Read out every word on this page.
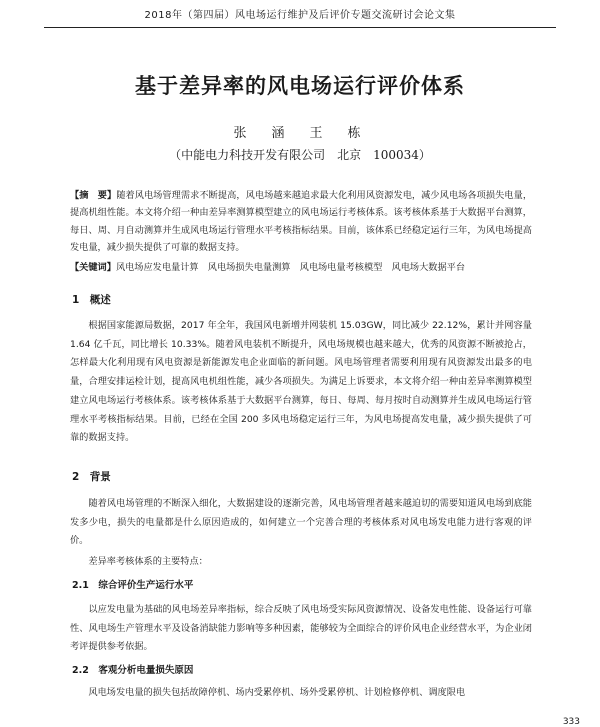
2018年（第四届）风电场运行维护及后评价专题交流研讨会论文集
基于差异率的风电场运行评价体系
张　涵　王　栋
（中能电力科技开发有限公司　北京　100034）
【摘　要】随着风电场管理需求不断提高，风电场越来越追求最大化利用风资源发电，减少风电场各项损失电量，提高机组性能。本文将介绍一种由差异率测算模型建立的风电场运行考核体系。该考核体系基于大数据平台测算，每日、周、月自动测算并生成风电场运行管理水平考核指标结果。目前，该体系已经稳定运行三年，为风电场提高发电量，减少损失提供了可靠的数据支持。
【关键词】风电场应发电量计算　风电场损失电量测算　风电场电量考核模型　风电场大数据平台
1　概述
根据国家能源局数据，2017 年全年，我国风电新增并网装机 15.03GW，同比减少 22.12%，累计并网容量 1.64 亿千瓦，同比增长 10.33%。随着风电装机不断提升，风电场规模也越来越大，优秀的风资源不断被抢占，怎样最大化利用现有风电资源是新能源发电企业面临的新问题。风电场管理者需要利用现有风资源发出最多的电量，合理安排运检计划，提高风电机组性能，减少各项损失。为满足上诉要求，本文将介绍一种由差异率测算模型建立风电场运行考核体系。该考核体系基于大数据平台测算，每日、每周、每月按时自动测算并生成风电场运行管理水平考核指标结果。目前，已经在全国 200 多风电场稳定运行三年，为风电场提高发电量，减少损失提供了可靠的数据支持。
2　背景
随着风电场管理的不断深入细化，大数据建设的逐渐完善，风电场管理者越来越迫切的需要知道风电场到底能发多少电，损失的电量都是什么原因造成的，如何建立一个完善合理的考核体系对风电场发电能力进行客观的评价。
差异率考核体系的主要特点：
2.1　综合评价生产运行水平
以应发电量为基础的风电场差异率指标，综合反映了风电场受实际风资源情况、设备发电性能、设备运行可靠性、风电场生产管理水平及设备消缺能力影响等多种因素，能够较为全面综合的评价风电企业经营水平，为企业闭考评提供参考依据。
2.2　客观分析电量损失原因
风电场发电量的损失包括故障停机、场内受累停机、场外受累停机、计划检修停机、调度限电
333
